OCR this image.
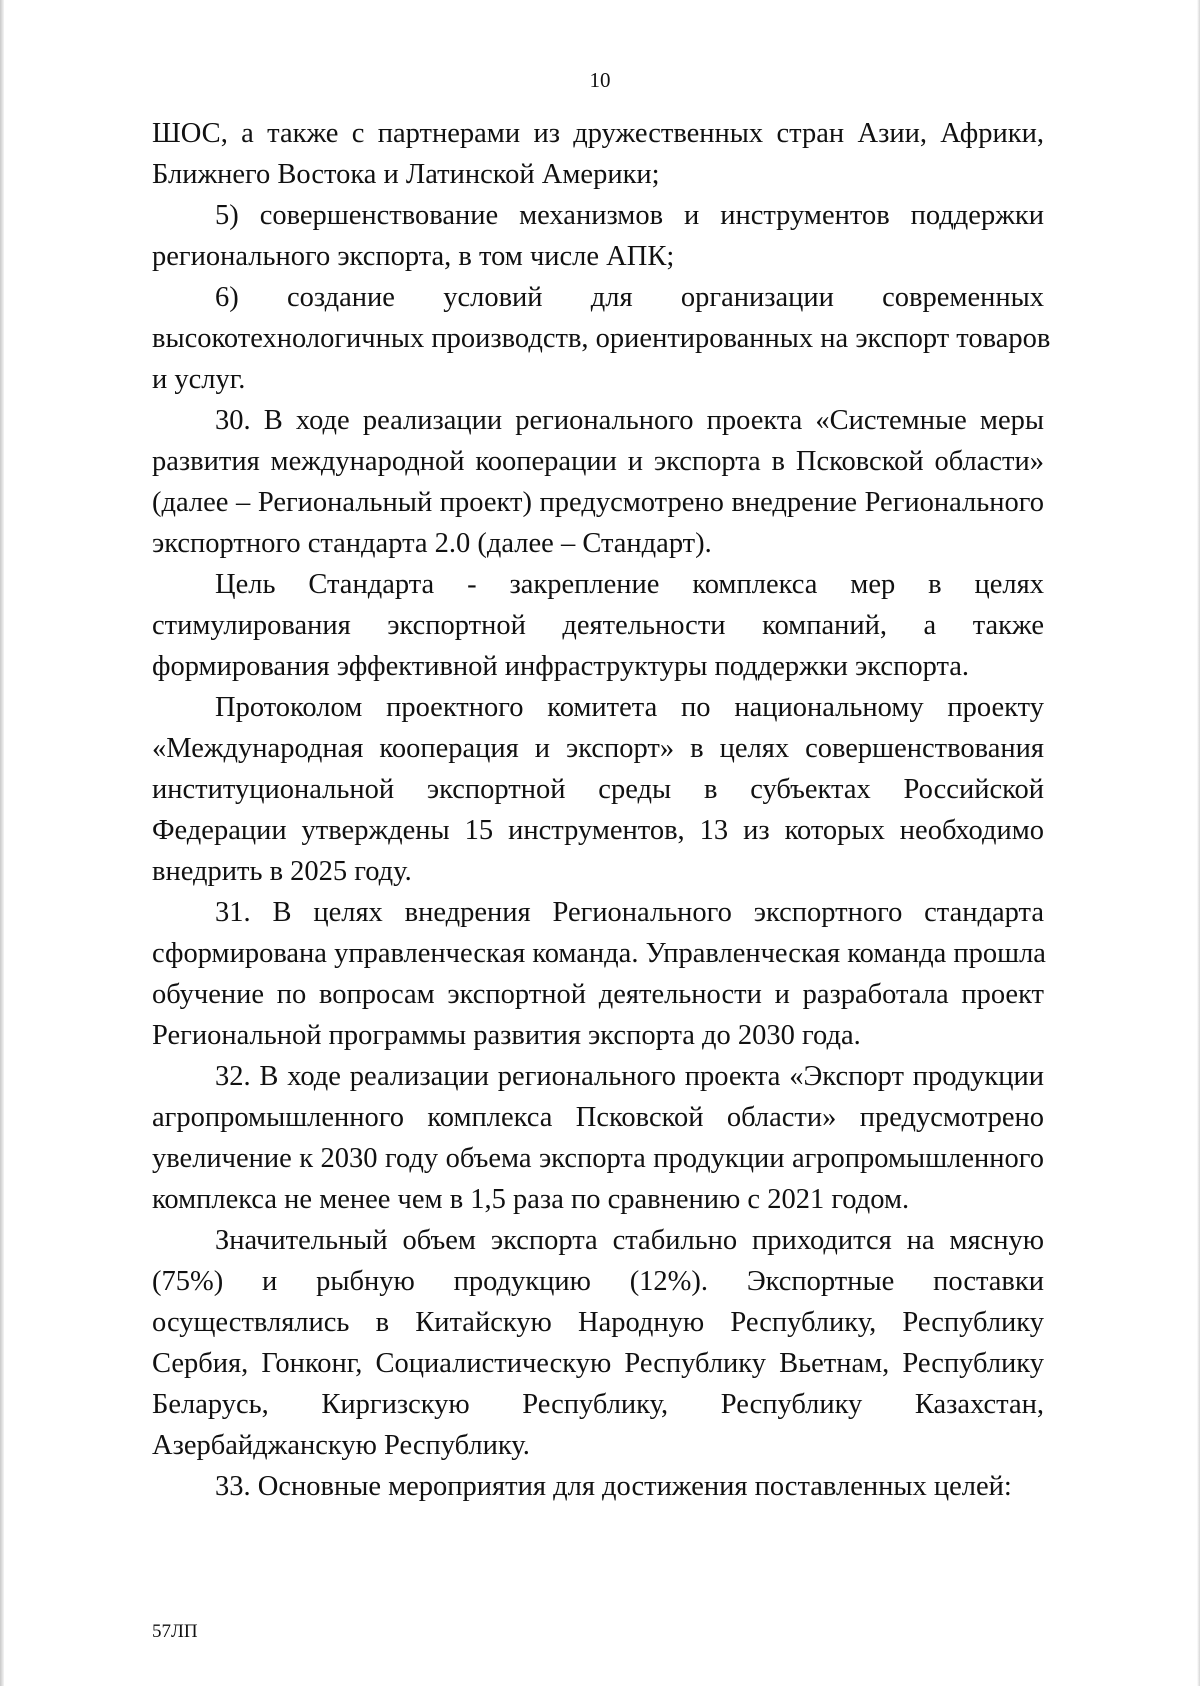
10
ШОС, а также с партнерами из дружественных стран Азии, Африки,
Ближнего Востока и Латинской Америки;
5) совершенствование механизмов и инструментов поддержки
регионального экспорта, в том числе АПК;
6) создание условий для организации современных
высокотехнологичных производств, ориентированных на экспорт товаров
и услуг.
30. В ходе реализации регионального проекта «Системные меры
развития международной кооперации и экспорта в Псковской области»
(далее – Региональный проект) предусмотрено внедрение Регионального
экспортного стандарта 2.0 (далее – Стандарт).
Цель Стандарта - закрепление комплекса мер в целях
стимулирования экспортной деятельности компаний, а также
формирования эффективной инфраструктуры поддержки экспорта.
Протоколом проектного комитета по национальному проекту
«Международная кооперация и экспорт» в целях совершенствования
институциональной экспортной среды в субъектах Российской
Федерации утверждены 15 инструментов, 13 из которых необходимо
внедрить в 2025 году.
31. В целях внедрения Регионального экспортного стандарта
сформирована управленческая команда. Управленческая команда прошла
обучение по вопросам экспортной деятельности и разработала проект
Региональной программы развития экспорта до 2030 года.
32. В ходе реализации регионального проекта «Экспорт продукции
агропромышленного комплекса Псковской области» предусмотрено
увеличение к 2030 году объема экспорта продукции агропромышленного
комплекса не менее чем в 1,5 раза по сравнению с 2021 годом.
Значительный объем экспорта стабильно приходится на мясную
(75%) и рыбную продукцию (12%). Экспортные поставки
осуществлялись в Китайскую Народную Республику, Республику
Сербия, Гонконг, Социалистическую Республику Вьетнам, Республику
Беларусь, Киргизскую Республику, Республику Казахстан,
Азербайджанскую Республику.
33. Основные мероприятия для достижения поставленных целей:
57ЛП
